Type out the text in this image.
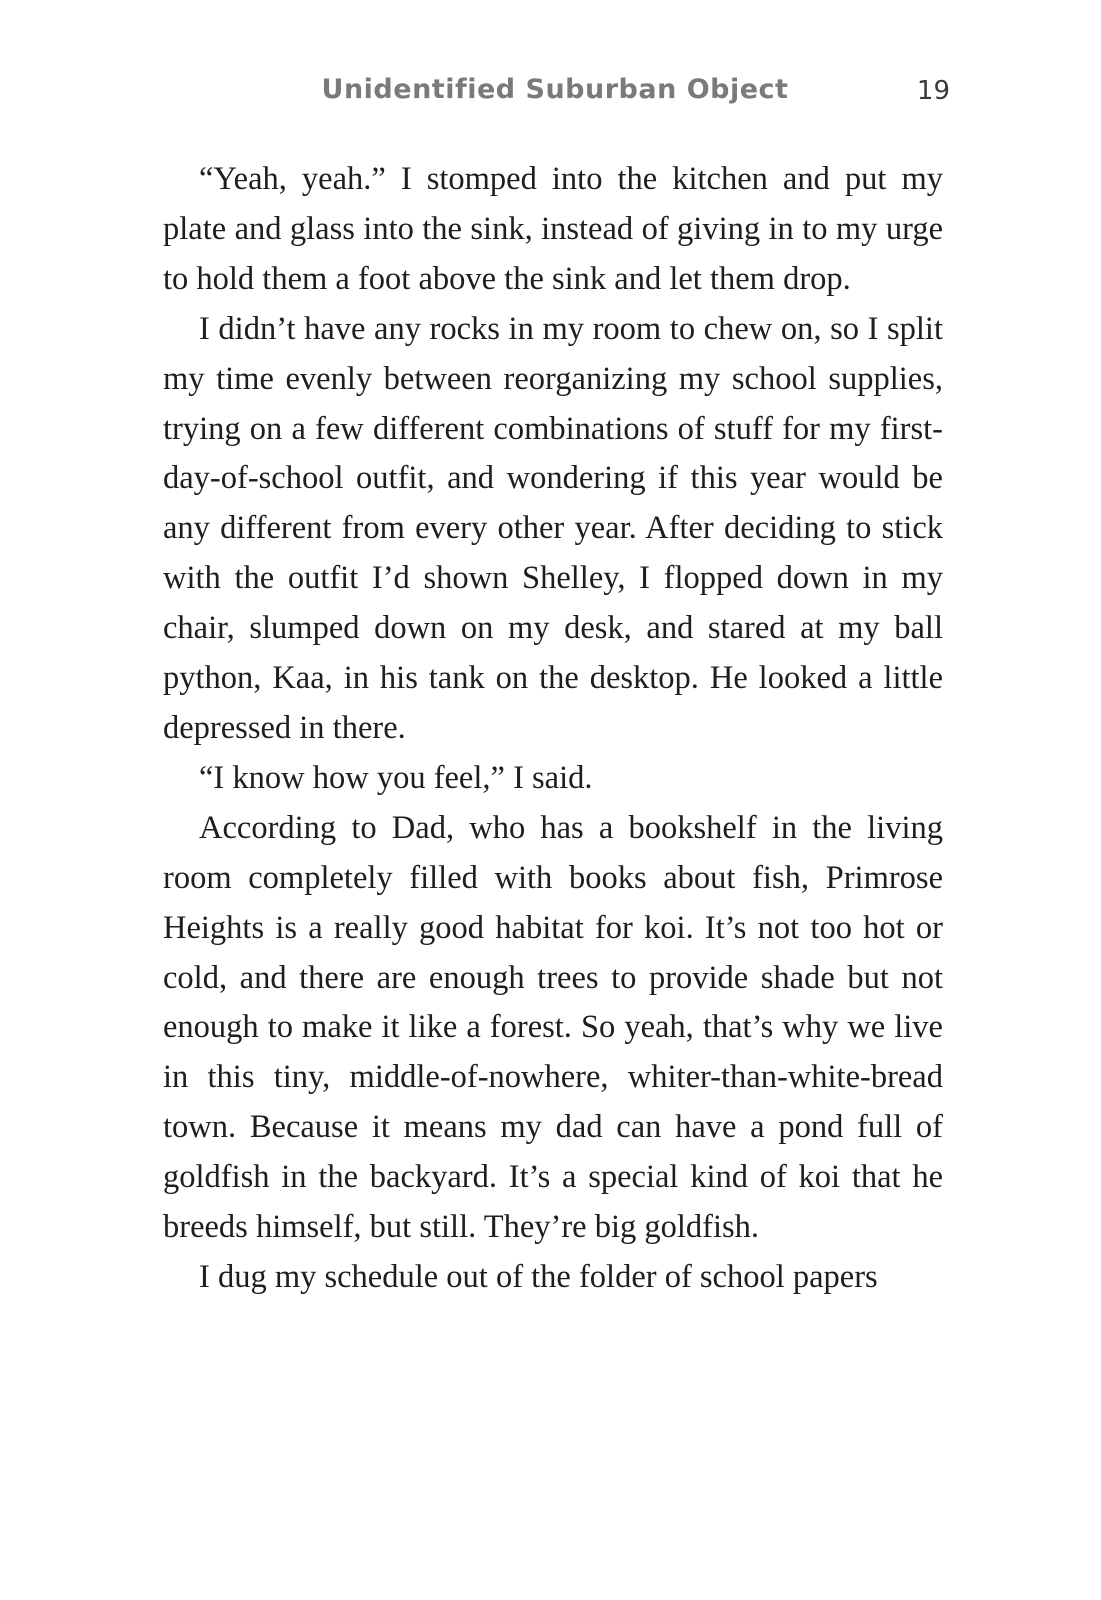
Unidentified Suburban Object	19

“Yeah, yeah.” I stomped into the kitchen and put my plate and glass into the sink, instead of giving in to my urge to hold them a foot above the sink and let them drop.

I didn’t have any rocks in my room to chew on, so I split my time evenly between reorganizing my school supplies, trying on a few different combinations of stuff for my first-day-of-school outfit, and wondering if this year would be any different from every other year. After deciding to stick with the outfit I’d shown Shelley, I flopped down in my chair, slumped down on my desk, and stared at my ball python, Kaa, in his tank on the desktop. He looked a little depressed in there.

“I know how you feel,” I said.

According to Dad, who has a bookshelf in the living room completely filled with books about fish, Primrose Heights is a really good habitat for koi. It’s not too hot or cold, and there are enough trees to provide shade but not enough to make it like a forest. So yeah, that’s why we live in this tiny, middle-of-nowhere, whiter-than-white-bread town. Because it means my dad can have a pond full of goldfish in the backyard. It’s a special kind of koi that he breeds himself, but still. They’re big goldfish.

I dug my schedule out of the folder of school papers
